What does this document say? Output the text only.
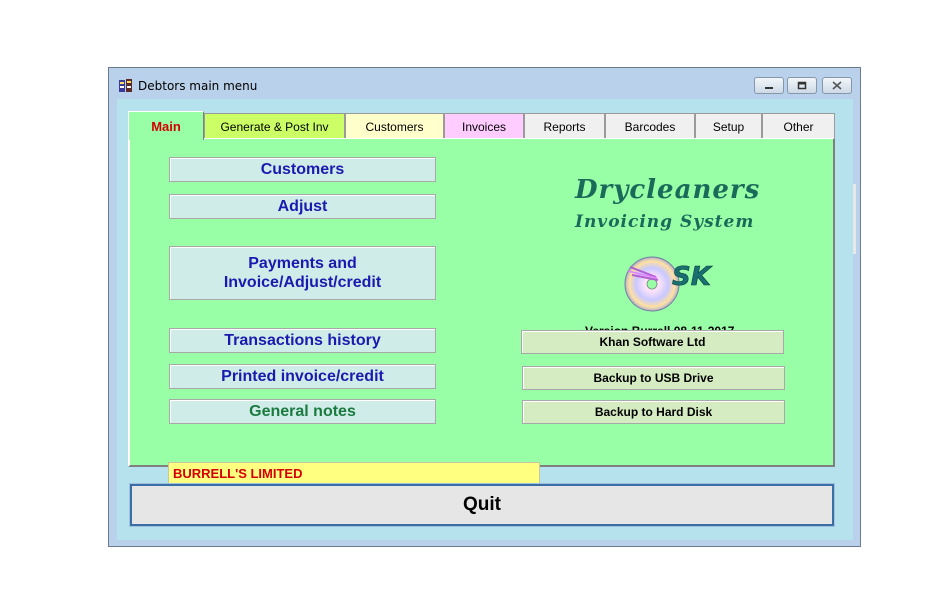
Debtors main menu
Main	Generate & Post Inv	Customers	Invoices	Reports	Barcodes	Setup	Other
Customers
Adjust
Payments and
Invoice/Adjust/credit
Transactions history
Printed invoice/credit
General notes
BURRELL'S LIMITED
Drycleaners
Invoicing System
SK
Khan Software Ltd
Backup to USB Drive
Backup to Hard Disk
Quit
